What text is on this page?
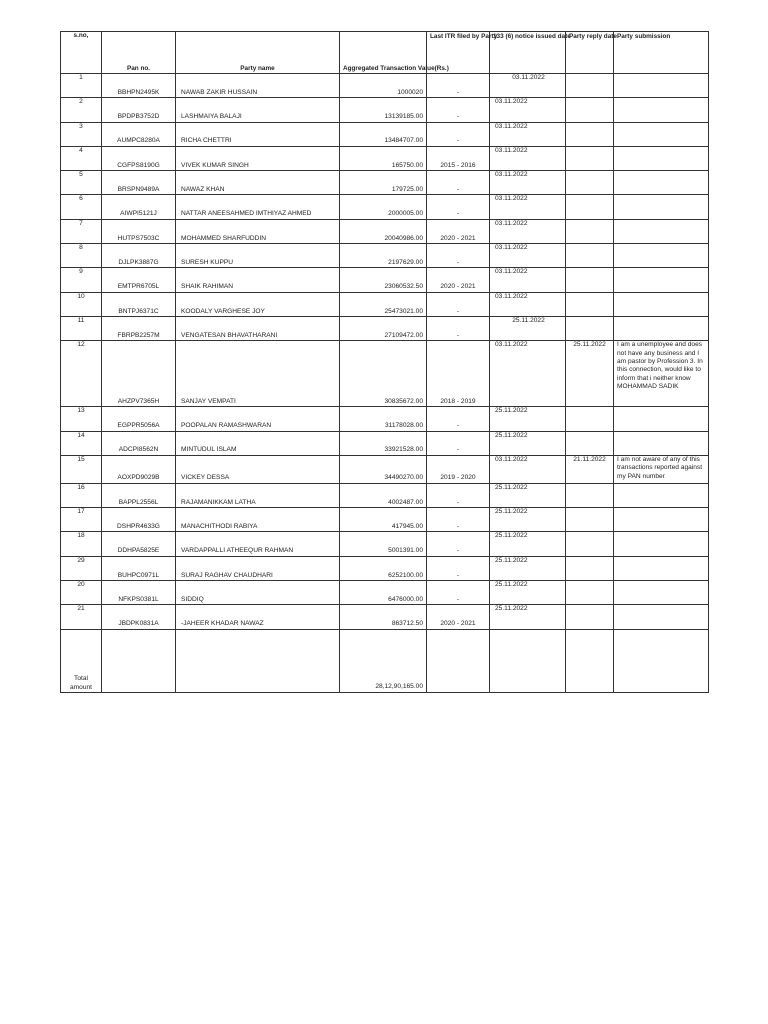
s.no,	Pan no.	Party name	Aggregated Transaction Value(Rs.)	Last ITR filed by Party	133 (6) notice issued date	Party reply date	Party submission
1	BBHPN2495K	NAWAB ZAKIR HUSSAIN	1000020	-	03.11.2022		
2	BPDPB3752D	LASHMAIYA BALAJI	13139185.00	-	03.11.2022		
3	AUMPC8280A	RICHA CHETTRI	13484707.00	-	03.11.2022		
4	CGFPS8190G	VIVEK KUMAR SINGH	165750.00	2015 - 2016	03.11.2022		
5	BRSPN9489A	NAWAZ KHAN	179725.00	-	03.11.2022		
6	AIWPI5121J	NATTAR ANEESAHMED IMTHIYAZ AHMED	2000005.00	-	03.11.2022		
7	HUTPS7503C	MOHAMMED SHARFUDDIN	20040986.00	2020 - 2021	03.11.2022		
8	DJLPK3887G	SURESH KUPPU	2197629.00	-	03.11.2022		
9	EMTPR6705L	SHAIK RAHIMAN	23060532.50	2020 - 2021	03.11.2022		
10	BNTPJ6371C	KOODALY VARGHESE JOY	25473021.00	-	03.11.2022		
11	FBRPB2257M	VENGATESAN BHAVATHARANI	27109472.00	-	25.11.2022		
12	AHZPV7365H	SANJAY VEMPATI	30835672.00	2018 - 2019	03.11.2022	25.11.2022	I am a unemployee and does not have any business and I am pastor by Profession 3. In this connection, would like to inform that i neither know MOHAMMAD SADIK
13	EGPPR5056A	POOPALAN RAMASHWARAN	31178028.00	-	25.11.2022		
14	ADCPI8562N	MINTUDUL ISLAM	33921528.00	-	25.11.2022		
15	AOXPD9029B	VICKEY DESSA	34490270.00	2019 - 2020	03.11.2022	21.11.2022	I am not aware of any of this transactions reported against my PAN number
16	BAPPL2556L	RAJAMANIKKAM LATHA	4002487.00	-	25.11.2022		
17	DSHPR4633G	MANACHITHODI RABIYA	417945.00	-	25.11.2022		
18	DDHPA5825E	VARDAPPALLI ATHEEQUR RAHMAN	5001391.00	-	25.11.2022		
29	BUHPC0971L	SURAJ RAGHAV CHAUDHARI	6252100.00	-	25.11.2022		
20	NFKPS0381L	SIDDIQ	6476000.00	-	25.11.2022		
21	JBDPK0831A	-JAHEER KHADAR NAWAZ	863712.50	2020 - 2021	25.11.2022		
Total amount			28,12,90,165.00				
